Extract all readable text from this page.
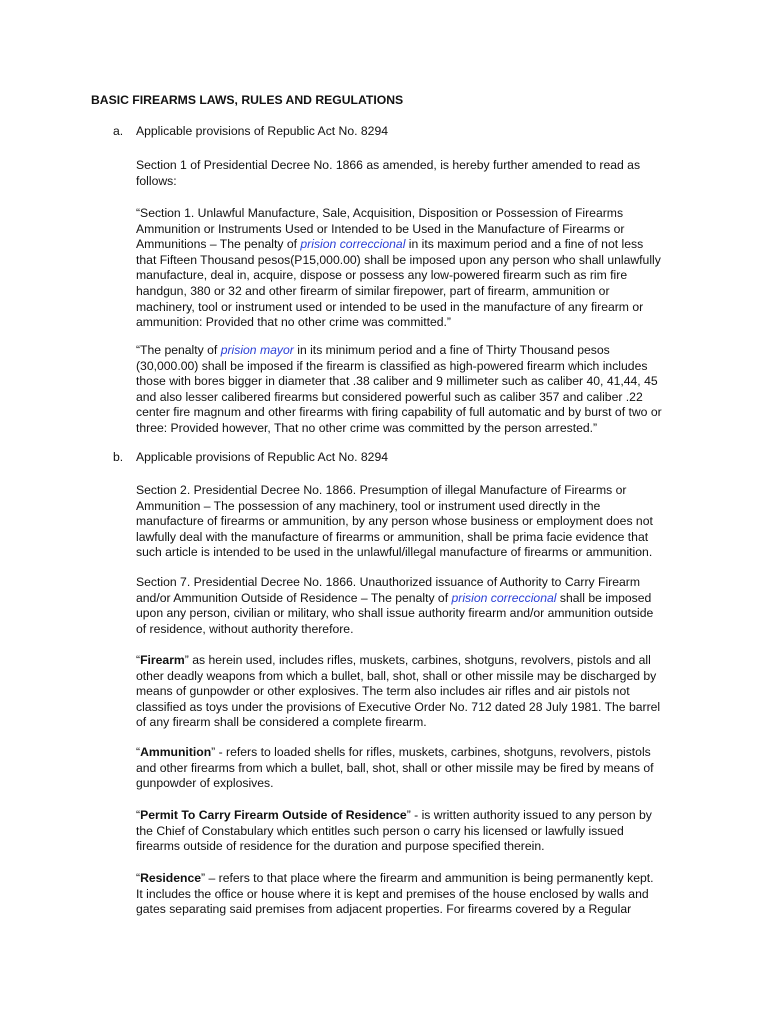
BASIC FIREARMS LAWS, RULES AND REGULATIONS
a. Applicable provisions of Republic Act No. 8294

Section 1 of Presidential Decree No. 1866 as amended, is hereby further amended to read as
follows:

“Section 1. Unlawful Manufacture, Sale, Acquisition, Disposition or Possession of Firearms
Ammunition or Instruments Used or Intended to be Used in the Manufacture of Firearms or
Ammunitions – The penalty of prision correccional in its maximum period and a fine of not less
that Fifteen Thousand pesos(P15,000.00) shall be imposed upon any person who shall unlawfully
manufacture, deal in, acquire, dispose or possess any low-powered firearm such as rim fire
handgun, 380 or 32 and other firearm of similar firepower, part of firearm, ammunition or
machinery, tool or instrument used or intended to be used in the manufacture of any firearm or
ammunition: Provided that no other crime was committed.”

“The penalty of prision mayor in its minimum period and a fine of Thirty Thousand pesos
(30,000.00) shall be imposed if the firearm is classified as high-powered firearm which includes
those with bores bigger in diameter that .38 caliber and 9 millimeter such as caliber 40, 41,44, 45
and also lesser calibered firearms but considered powerful such as caliber 357 and caliber .22
center fire magnum and other firearms with firing capability of full automatic and by burst of two or
three: Provided however, That no other crime was committed by the person arrested.”

b. Applicable provisions of Republic Act No. 8294

Section 2. Presidential Decree No. 1866. Presumption of illegal Manufacture of Firearms or
Ammunition – The possession of any machinery, tool or instrument used directly in the
manufacture of firearms or ammunition, by any person whose business or employment does not
lawfully deal with the manufacture of firearms or ammunition, shall be prima facie evidence that
such article is intended to be used in the unlawful/illegal manufacture of firearms or ammunition.

Section 7. Presidential Decree No. 1866. Unauthorized issuance of Authority to Carry Firearm
and/or Ammunition Outside of Residence – The penalty of prision correccional shall be imposed
upon any person, civilian or military, who shall issue authority firearm and/or ammunition outside
of residence, without authority therefore.

“Firearm” as herein used, includes rifles, muskets, carbines, shotguns, revolvers, pistols and all
other deadly weapons from which a bullet, ball, shot, shall or other missile may be discharged by
means of gunpowder or other explosives. The term also includes air rifles and air pistols not
classified as toys under the provisions of Executive Order No. 712 dated 28 July 1981. The barrel
of any firearm shall be considered a complete firearm.

“Ammunition” - refers to loaded shells for rifles, muskets, carbines, shotguns, revolvers, pistols
and other firearms from which a bullet, ball, shot, shall or other missile may be fired by means of
gunpowder of explosives.

“Permit To Carry Firearm Outside of Residence” - is written authority issued to any person by
the Chief of Constabulary which entitles such person o carry his licensed or lawfully issued
firearms outside of residence for the duration and purpose specified therein.

“Residence” – refers to that place where the firearm and ammunition is being permanently kept.
It includes the office or house where it is kept and premises of the house enclosed by walls and
gates separating said premises from adjacent properties. For firearms covered by a Regular
